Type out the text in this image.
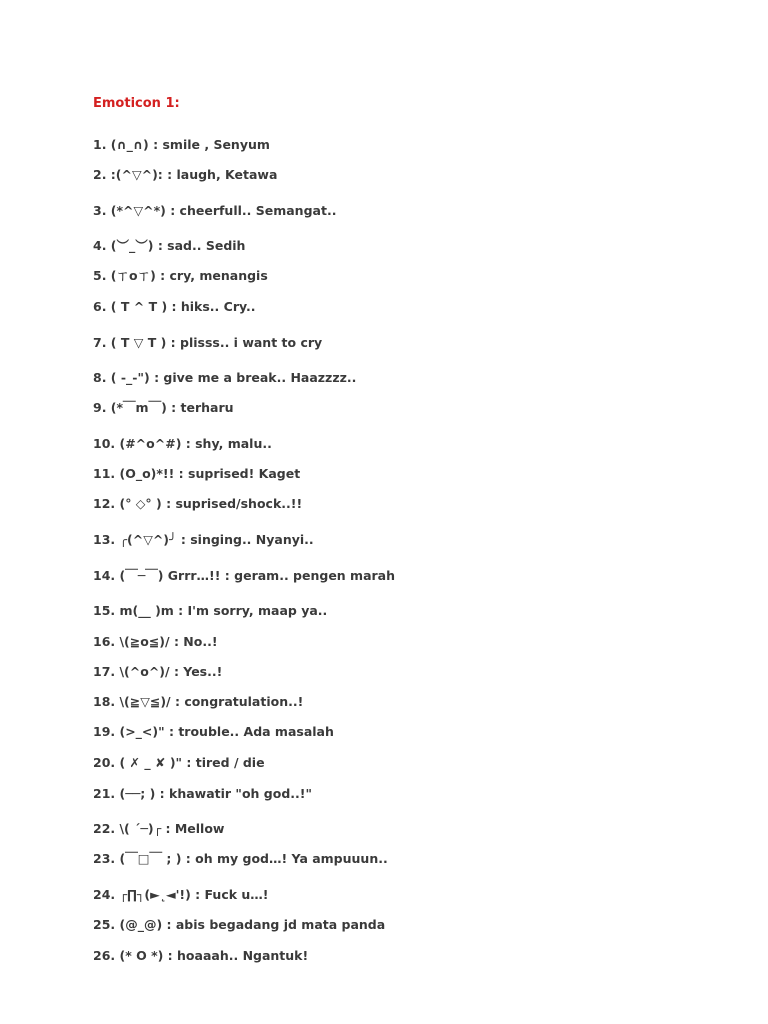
Emoticon 1:
1. (∩_∩) : smile , Senyum
2. :(^▽^): : laugh, Ketawa
3. (*^▽^*) : cheerfull.. Semangat..
4. (︶_︶) : sad.. Sedih
5. (ㄒoㄒ) : cry, menangis
6. ( T ^ T ) : hiks.. Cry..
7. ( T ▽ T ) : plisss.. i want to cry
8. ( -_-") : give me a break.. Haazzzz..
9. (*￣m￣) : terharu
10. (#^o^#) : shy, malu..
11. (O_o)*!! : suprised! Kaget
12. (° ◇° ) : suprised/shock..!!
13. ╭(^▽^)╯ : singing.. Nyanyi..
14. (￣─￣) Grrr…!! : geram.. pengen marah
15. m(__ )m : I'm sorry, maap ya..
16. \(≧o≦)/ : No..!
17. \(^o^)/ : Yes..!
18. \(≧▽≦)/ : congratulation..!
19. (>_<)" : trouble.. Ada masalah
20. ( ✗ _ ✘ )" : tired / die
21. (──; ) : khawatir "oh god..!"
22. \( ´─)┌ : Mellow
23. (￣□￣ ; ) : oh my god…! Ya ampuuun..
24. ┌∏┐(►˛◄'!) : Fuck u…!
25. (@_@) : abis begadang jd mata panda
26. (* O *) : hoaaah.. Ngantuk!
